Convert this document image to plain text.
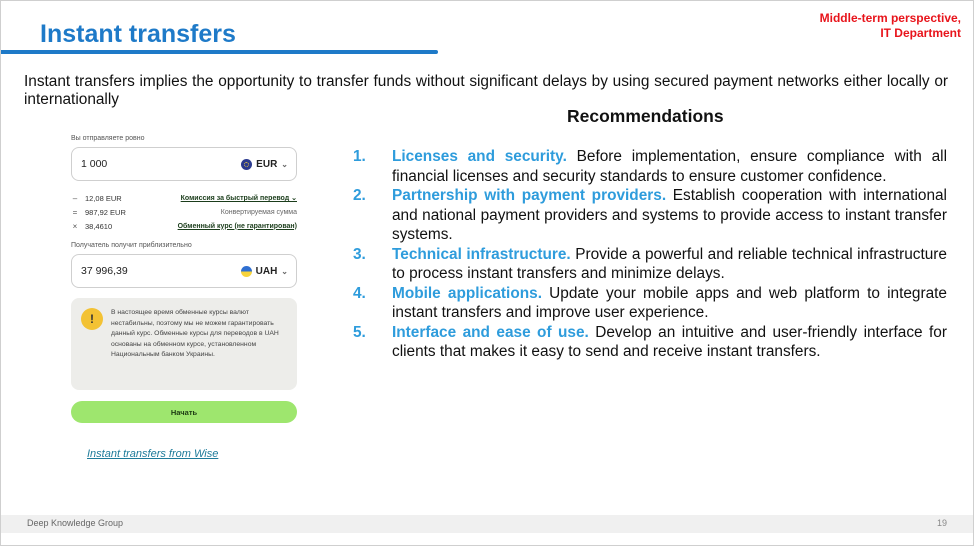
Instant transfers
Middle-term perspective,
IT Department
Instant transfers implies the opportunity to transfer funds without significant delays by using secured payment networks either locally or internationally
Recommendations
1. Licenses and security. Before implementation, ensure compliance with all financial licenses and security standards to ensure customer confidence.
2. Partnership with payment providers. Establish cooperation with international and national payment providers and systems to provide access to instant transfer systems.
3. Technical infrastructure. Provide a powerful and reliable technical infrastructure to process instant transfers and minimize delays.
4. Mobile applications. Update your mobile apps and web platform to integrate instant transfers and improve user experience.
5. Interface and ease of use. Develop an intuitive and user-friendly interface for clients that makes it easy to send and receive instant transfers.
Вы отправляете ровно
1 000	EUR ⌄
– 12,08 EUR	Комиссия за быстрый перевод ⌄
= 987,92 EUR	Конвертируемая сумма
× 38,4610	Обменный курс (не гарантирован)
Получатель получит приблизительно
37 996,39	UAH ⌄
!	В настоящее время обменные курсы валют нестабильны, поэтому мы не можем гарантировать данный курс. Обменные курсы для переводов в UAH основаны на обменном курсе, установленном Национальным банком Украины.
Начать
Instant transfers from Wise
Deep Knowledge Group	19
